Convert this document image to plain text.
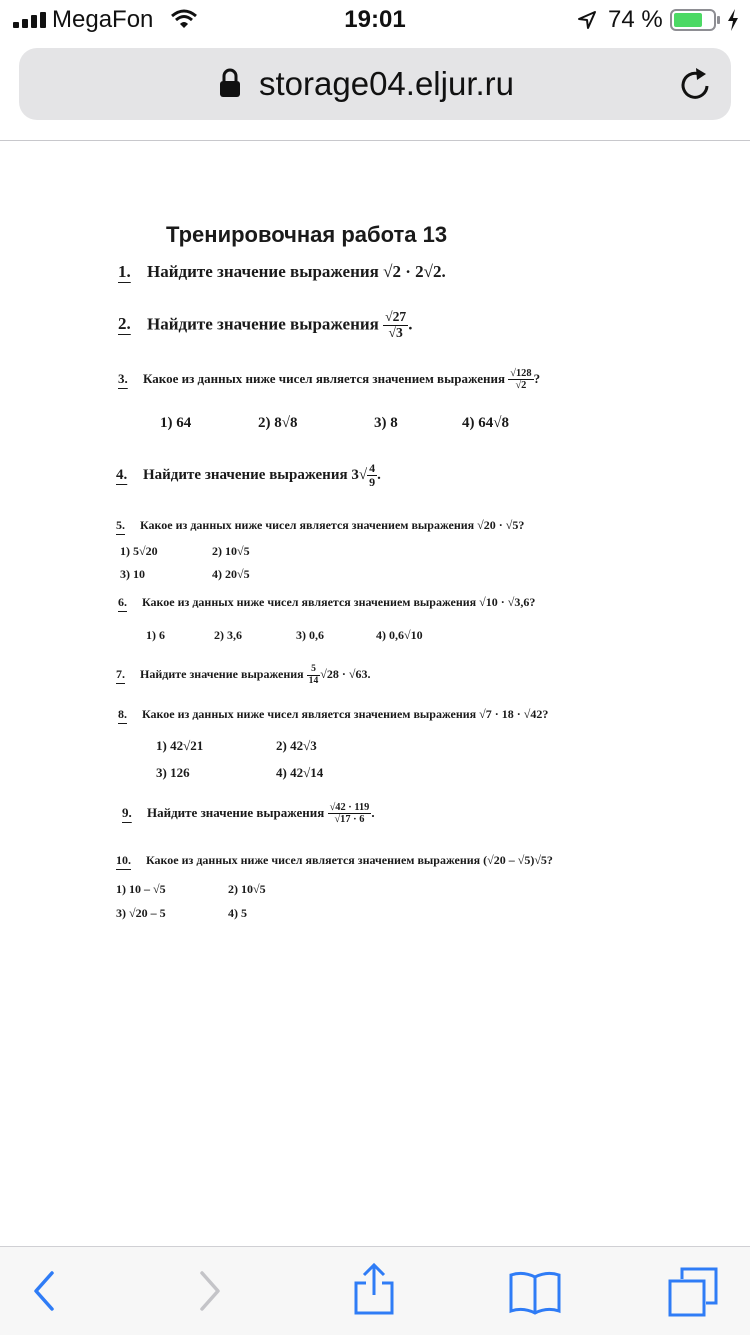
MegaFon	19:01	74 %
storage04.eljur.ru
Тренировочная работа 13
1. Найдите значение выражения √2 · 2√2.
2. Найдите значение выражения $\frac{√27}{√3}$ .
3. Какое из данных ниже чисел является значением выражения $\frac{√128}{√2}$ ?
1) 64	2) 8√8	3) 8	4) 64√8
4. Найдите значение выражения $3√ \frac{4}{9}$ .
5. Какое из данных ниже чисел является значением выражения √20 · √5?
1) 5√20	2) 10√5
3) 10	4) 20√5
6. Какое из данных ниже чисел является значением выражения √10 · √3,6?
1) 6	2) 3,6	3) 0,6	4) 0,6√10
7. Найдите значение выражения $\frac{5}{14} √28 \cdot √63$.
8. Какое из данных ниже чисел является значением выражения √7 · 18 · √42?
1) 42√21	2) 42√3
3) 126	4) 42√14
9. Найдите значение выражения $\frac{√42 \cdot 119}{√17 \cdot 6}$ .
10. Какое из данных ниже чисел является значением выражения (√20 – √5)√5?
1) 10 – √5	2) 10√5
3) √20 – 5	4) 5
